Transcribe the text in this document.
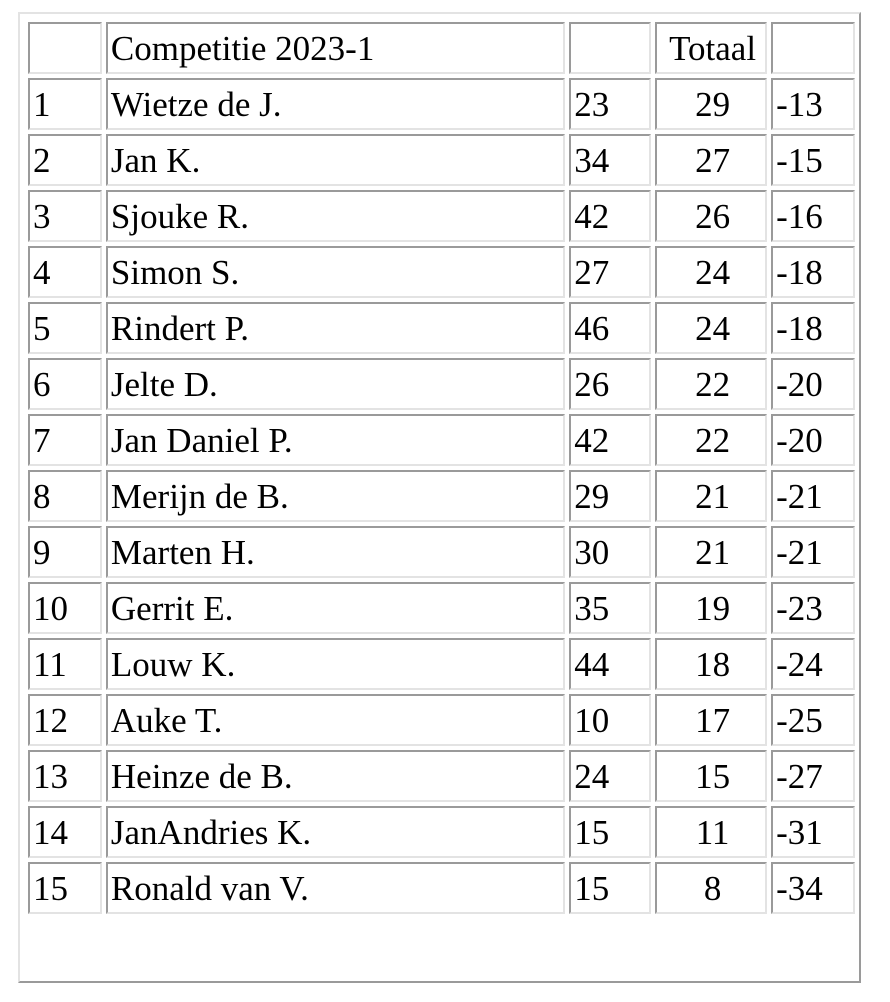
	Competitie 2023-1		Totaal	
1	Wietze de J.	23	29	-13
2	Jan K.	34	27	-15
3	Sjouke R.	42	26	-16
4	Simon S.	27	24	-18
5	Rindert P.	46	24	-18
6	Jelte D.	26	22	-20
7	Jan Daniel P.	42	22	-20
8	Merijn de B.	29	21	-21
9	Marten H.	30	21	-21
10	Gerrit E.	35	19	-23
11	Louw K.	44	18	-24
12	Auke T.	10	17	-25
13	Heinze de B.	24	15	-27
14	JanAndries K.	15	11	-31
15	Ronald van V.	15	8	-34
